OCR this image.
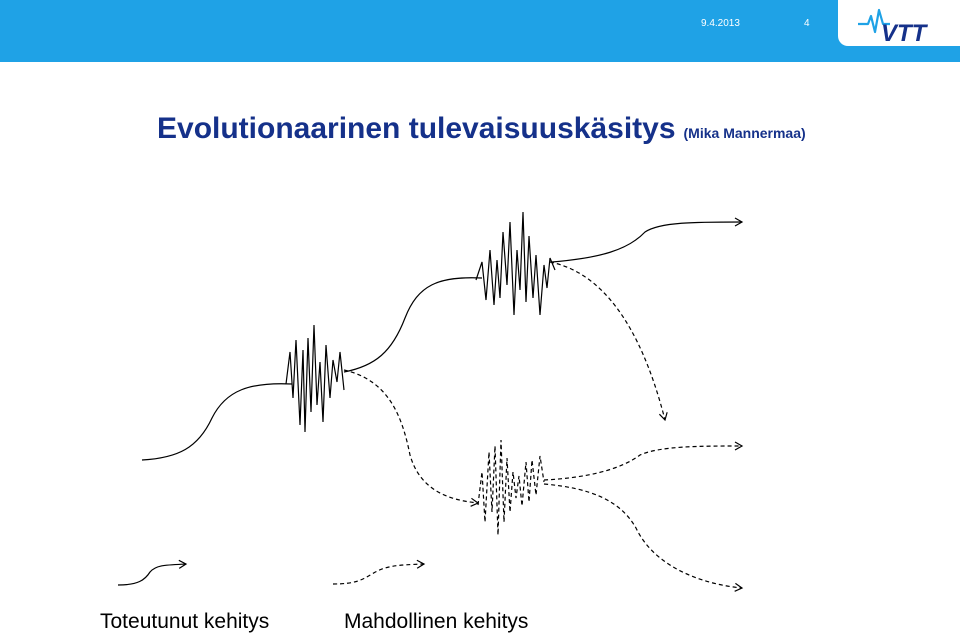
9.4.2013	4	VTT
Evolutionaarinen tulevaisuuskäsitys (Mika Mannermaa)
Toteutunut kehitys	Mahdollinen kehitys
